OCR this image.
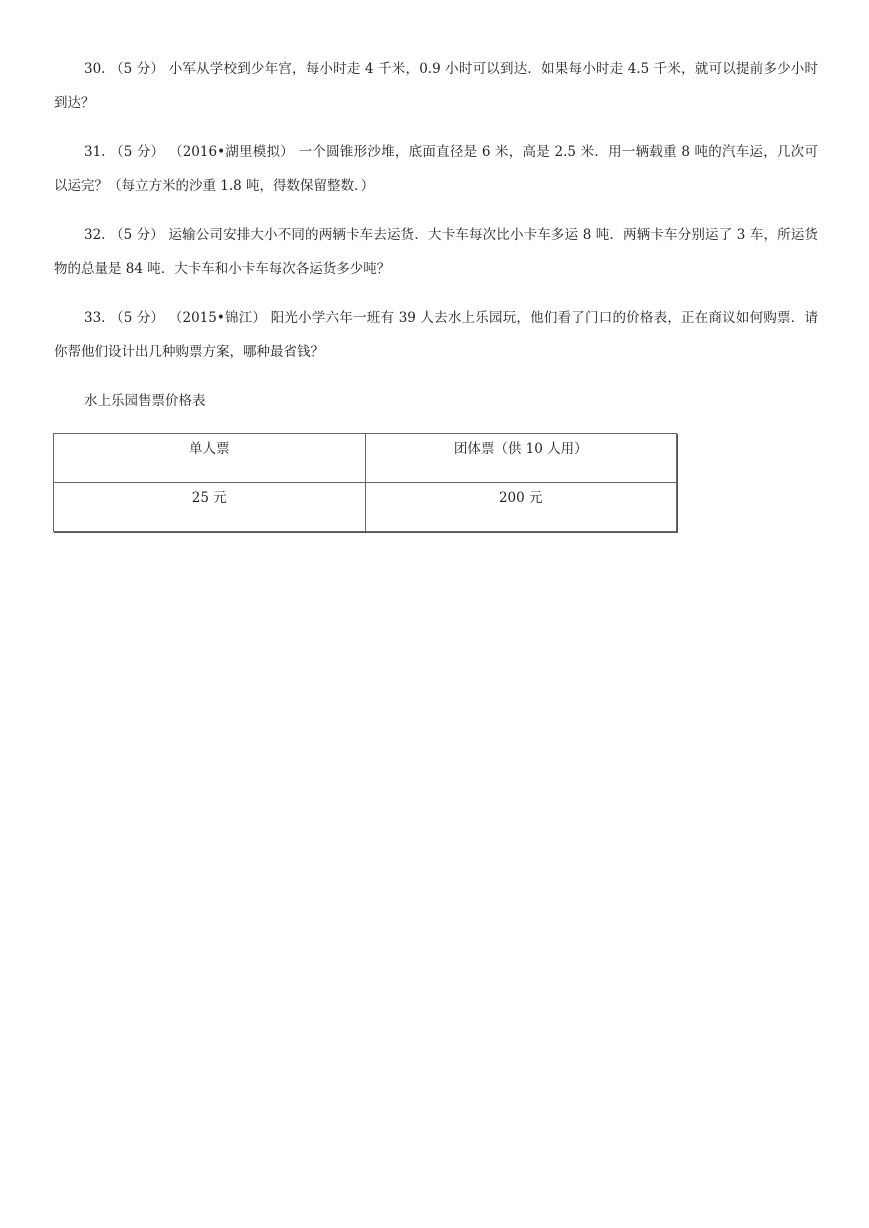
30. （5 分） 小军从学校到少年宫，每小时走 4 千米，0.9 小时可以到达．如果每小时走 4.5 千米，就可以提前多少小时到达？
31. （5 分） （2016•湖里模拟） 一个圆锥形沙堆，底面直径是 6 米，高是 2.5 米．用一辆载重 8 吨的汽车运，几次可以运完？（每立方米的沙重 1.8 吨，得数保留整数．）
32. （5 分） 运输公司安排大小不同的两辆卡车去运货．大卡车每次比小卡车多运 8 吨．两辆卡车分别运了 3 车，所运货物的总量是 84 吨．大卡车和小卡车每次各运货多少吨？
33. （5 分） （2015•锦江） 阳光小学六年一班有 39 人去水上乐园玩，他们看了门口的价格表，正在商议如何购票．请你帮他们设计出几种购票方案，哪种最省钱？
水上乐园售票价格表
单人票	团体票（供 10 人用）
25 元	200 元
